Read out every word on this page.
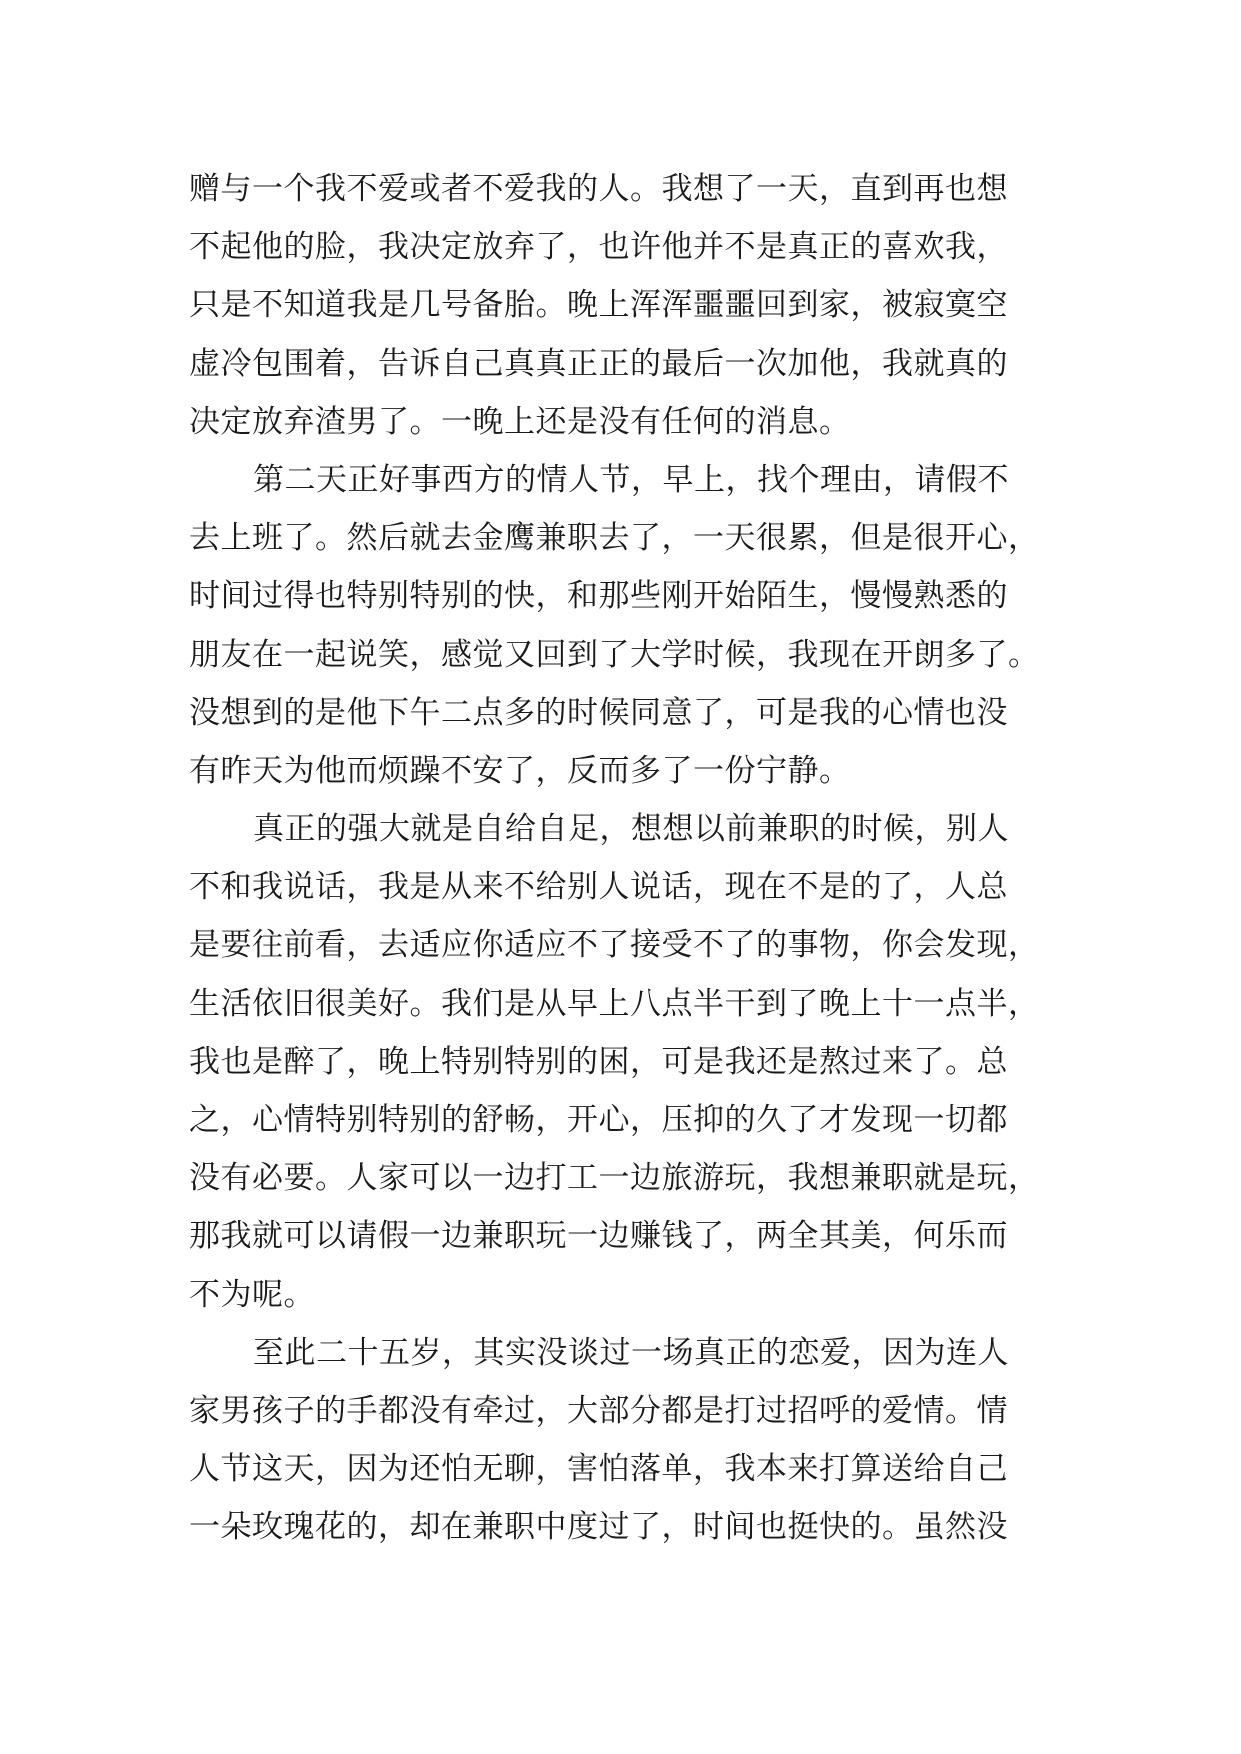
赠与一个我不爱或者不爱我的人。我想了一天，直到再也想
不起他的脸，我决定放弃了，也许他并不是真正的喜欢我，
只是不知道我是几号备胎。晚上浑浑噩噩回到家，被寂寞空
虚冷包围着，告诉自己真真正正的最后一次加他，我就真的
决定放弃渣男了。一晚上还是没有任何的消息。
第二天正好事西方的情人节，早上，找个理由，请假不
去上班了。然后就去金鹰兼职去了，一天很累，但是很开心，
时间过得也特别特别的快，和那些刚开始陌生，慢慢熟悉的
朋友在一起说笑，感觉又回到了大学时候，我现在开朗多了。
没想到的是他下午二点多的时候同意了，可是我的心情也没
有昨天为他而烦躁不安了，反而多了一份宁静。
真正的强大就是自给自足，想想以前兼职的时候，别人
不和我说话，我是从来不给别人说话，现在不是的了，人总
是要往前看，去适应你适应不了接受不了的事物，你会发现，
生活依旧很美好。我们是从早上八点半干到了晚上十一点半，
我也是醉了，晚上特别特别的困，可是我还是熬过来了。总
之，心情特别特别的舒畅，开心，压抑的久了才发现一切都
没有必要。人家可以一边打工一边旅游玩，我想兼职就是玩，
那我就可以请假一边兼职玩一边赚钱了，两全其美，何乐而
不为呢。
至此二十五岁，其实没谈过一场真正的恋爱，因为连人
家男孩子的手都没有牵过，大部分都是打过招呼的爱情。情
人节这天，因为还怕无聊，害怕落单，我本来打算送给自己
一朵玫瑰花的，却在兼职中度过了，时间也挺快的。虽然没
